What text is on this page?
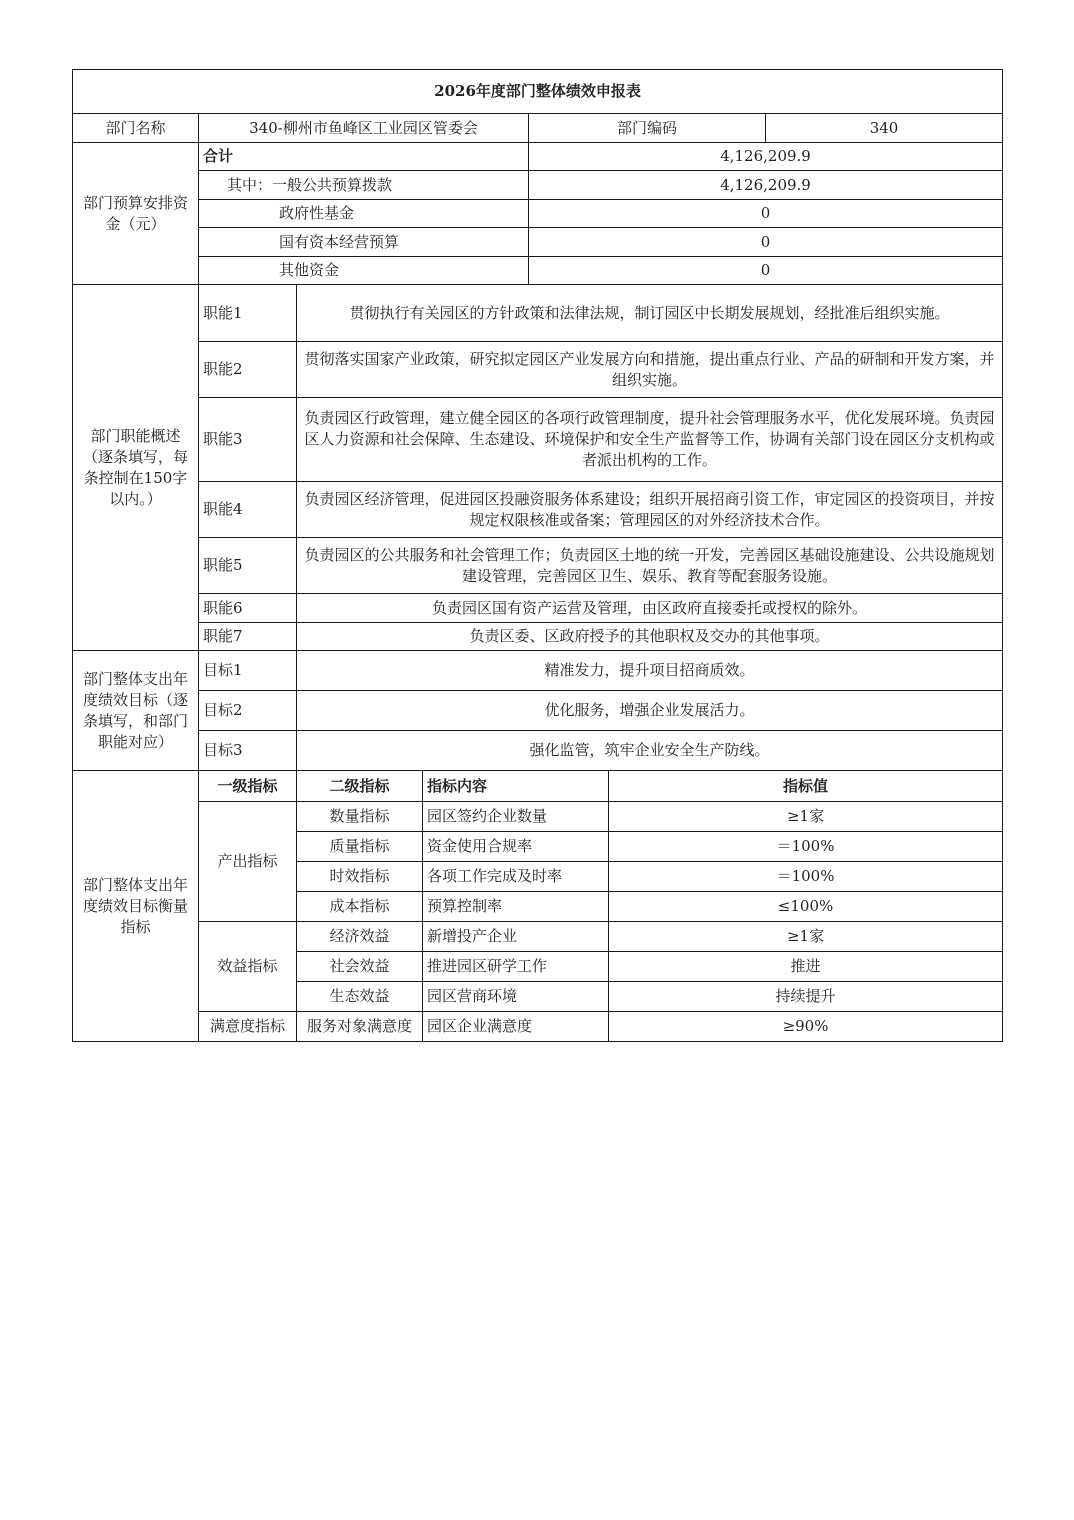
2026年度部门整体绩效申报表						
部门名称	340-柳州市鱼峰区工业园区管委会			部门编码		340
部门预算安排资金（元）	合计			4,126,209.9		
	其中：一般公共预算拨款			4,126,209.9		
	政府性基金			0		
	国有资本经营预算			0		
	其他资金			0		
部门职能概述（逐条填写，每条控制在150字以内。）	职能1	贯彻执行有关园区的方针政策和法律法规，制订园区中长期发展规划，经批准后组织实施。				
	职能2	贯彻落实国家产业政策，研究拟定园区产业发展方向和措施，提出重点行业、产品的研制和开发方案，并组织实施。				
	职能3	负责园区行政管理，建立健全园区的各项行政管理制度，提升社会管理服务水平，优化发展环境。负责园区人力资源和社会保障、生态建设、环境保护和安全生产监督等工作，协调有关部门设在园区分支机构或者派出机构的工作。				
	职能4	负责园区经济管理，促进园区投融资服务体系建设；组织开展招商引资工作，审定园区的投资项目，并按规定权限核准或备案；管理园区的对外经济技术合作。				
	职能5	负责园区的公共服务和社会管理工作；负责园区土地的统一开发，完善园区基础设施建设、公共设施规划建设管理，完善园区卫生、娱乐、教育等配套服务设施。				
	职能6	负责园区国有资产运营及管理，由区政府直接委托或授权的除外。				
	职能7	负责区委、区政府授予的其他职权及交办的其他事项。				
部门整体支出年度绩效目标（逐条填写，和部门职能对应）	目标1	精准发力，提升项目招商质效。				
	目标2	优化服务，增强企业发展活力。				
	目标3	强化监管，筑牢企业安全生产防线。				
部门整体支出年度绩效目标衡量指标	一级指标	二级指标	指标内容		指标值	
	产出指标	数量指标	园区签约企业数量		≥1家	
		质量指标	资金使用合规率		＝100%	
		时效指标	各项工作完成及时率		＝100%	
		成本指标	预算控制率		≤100%	
	效益指标	经济效益	新增投产企业		≥1家	
		社会效益	推进园区研学工作		推进	
		生态效益	园区营商环境		持续提升	
	满意度指标	服务对象满意度	园区企业满意度		≥90%	
